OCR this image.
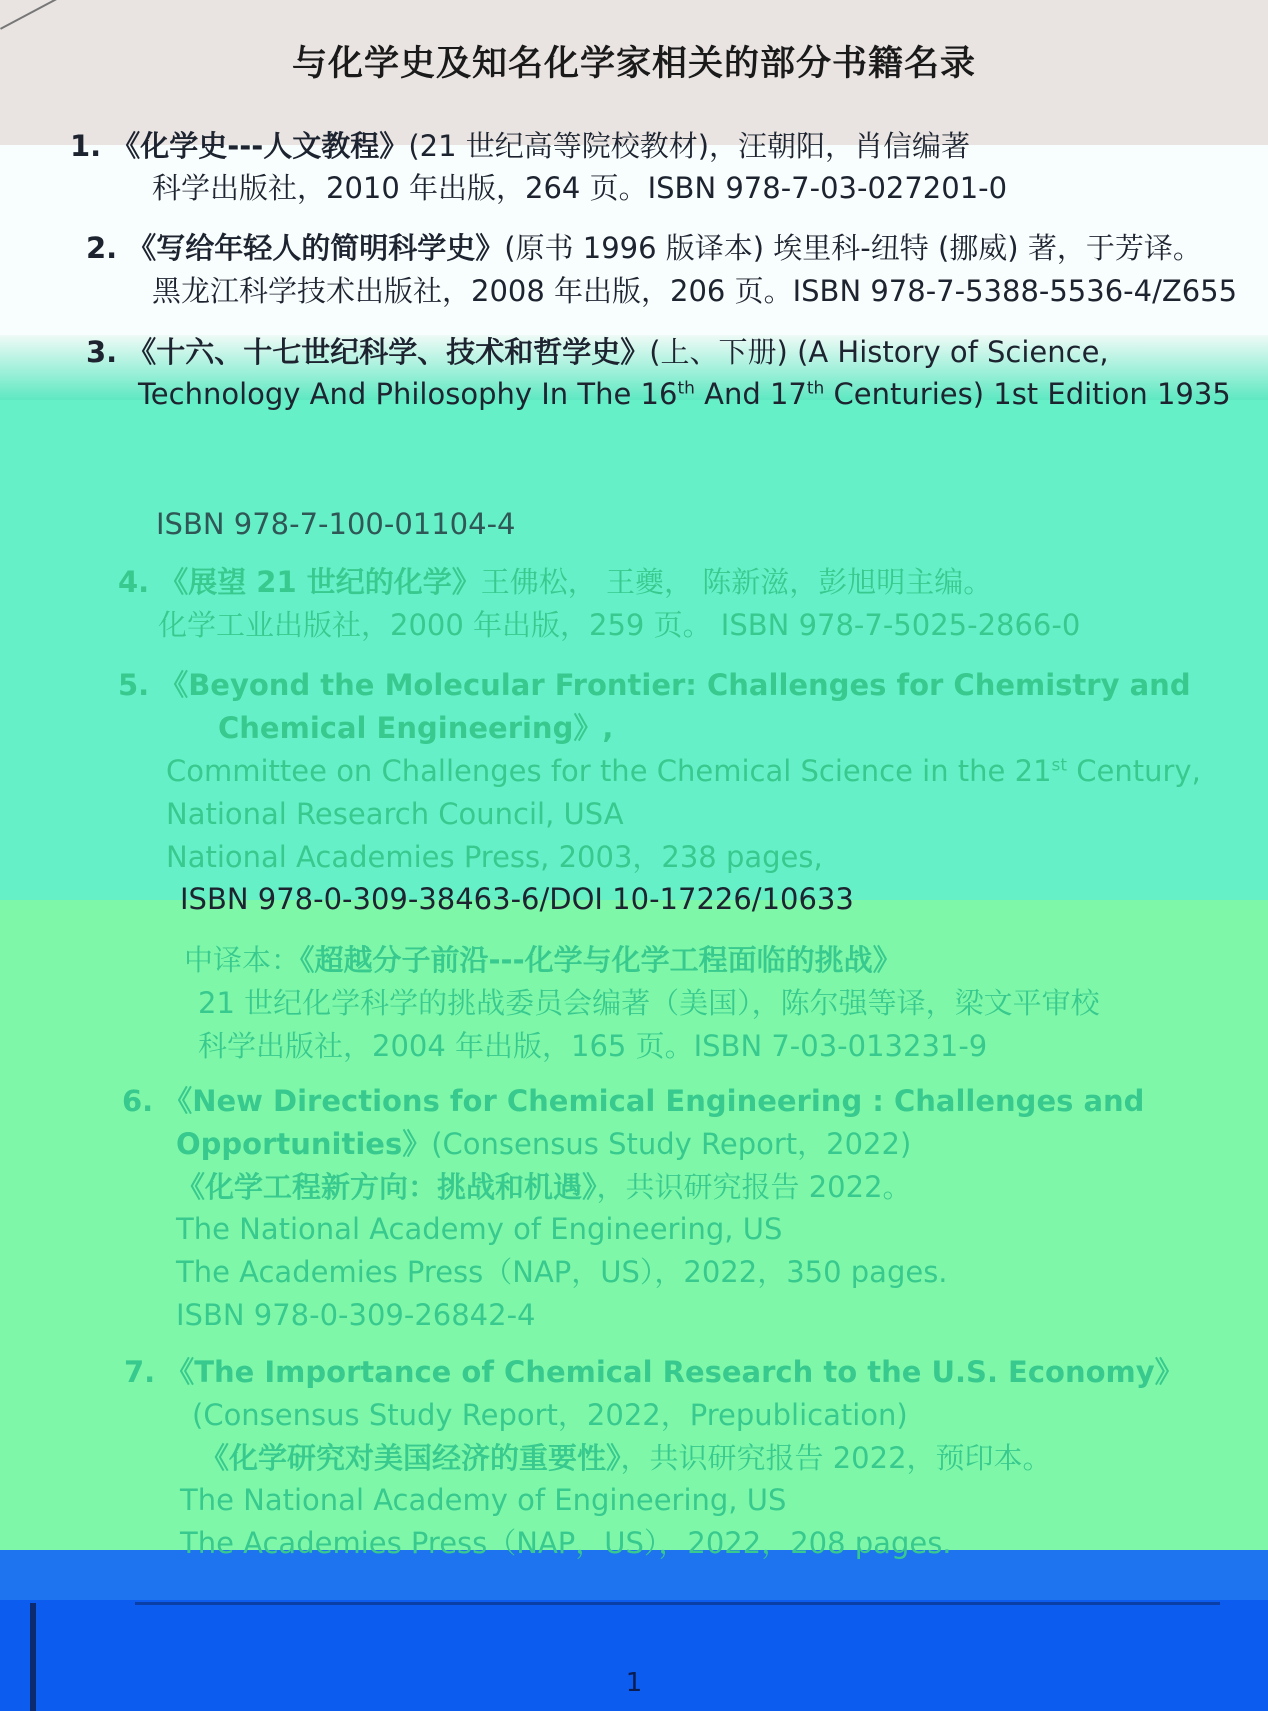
与化学史及知名化学家相关的部分书籍名录
1. 《化学史---人文教程》(21 世纪高等院校教材)，汪朝阳，肖信编著
科学出版社，2010 年出版，264 页。ISBN 978-7-03-027201-0
2. 《写给年轻人的简明科学史》(原书 1996 版译本) 埃里科-纽特 (挪威) 著，于芳译。
黑龙江科学技术出版社，2008 年出版，206 页。ISBN 978-7-5388-5536-4/Z655
3. 《十六、十七世纪科学、技术和哲学史》(上、下册) (A History of Science,
Technology And Philosophy In The 16th And 17th Centuries) 1st Edition 1935
ISBN 978-7-100-01104-4
4. 《展望 21 世纪的化学》王佛松， 王夔， 陈新滋，彭旭明主编。
化学工业出版社，2000 年出版，259 页。 ISBN 978-7-5025-2866-0
5. 《Beyond the Molecular Frontier: Challenges for Chemistry and
Chemical Engineering》,
Committee on Challenges for the Chemical Science in the 21st Century,
National Research Council, USA
National Academies Press, 2003，238 pages,
ISBN 978-0-309-38463-6/DOI 10-17226/10633
中译本：《超越分子前沿---化学与化学工程面临的挑战》
21 世纪化学科学的挑战委员会编著（美国），陈尔强等译，梁文平审校
科学出版社，2004 年出版，165 页。ISBN 7-03-013231-9
6. 《New Directions for Chemical Engineering : Challenges and
Opportunities》(Consensus Study Report，2022)
《化学工程新方向：挑战和机遇》，共识研究报告 2022。
The National Academy of Engineering, US
The Academies Press（NAP，US），2022，350 pages.
ISBN 978-0-309-26842-4
7. 《The Importance of Chemical Research to the U.S. Economy》
(Consensus Study Report，2022，Prepublication)
《化学研究对美国经济的重要性》，共识研究报告 2022，预印本。
The National Academy of Engineering, US
The Academies Press（NAP，US），2022，208 pages.
1
